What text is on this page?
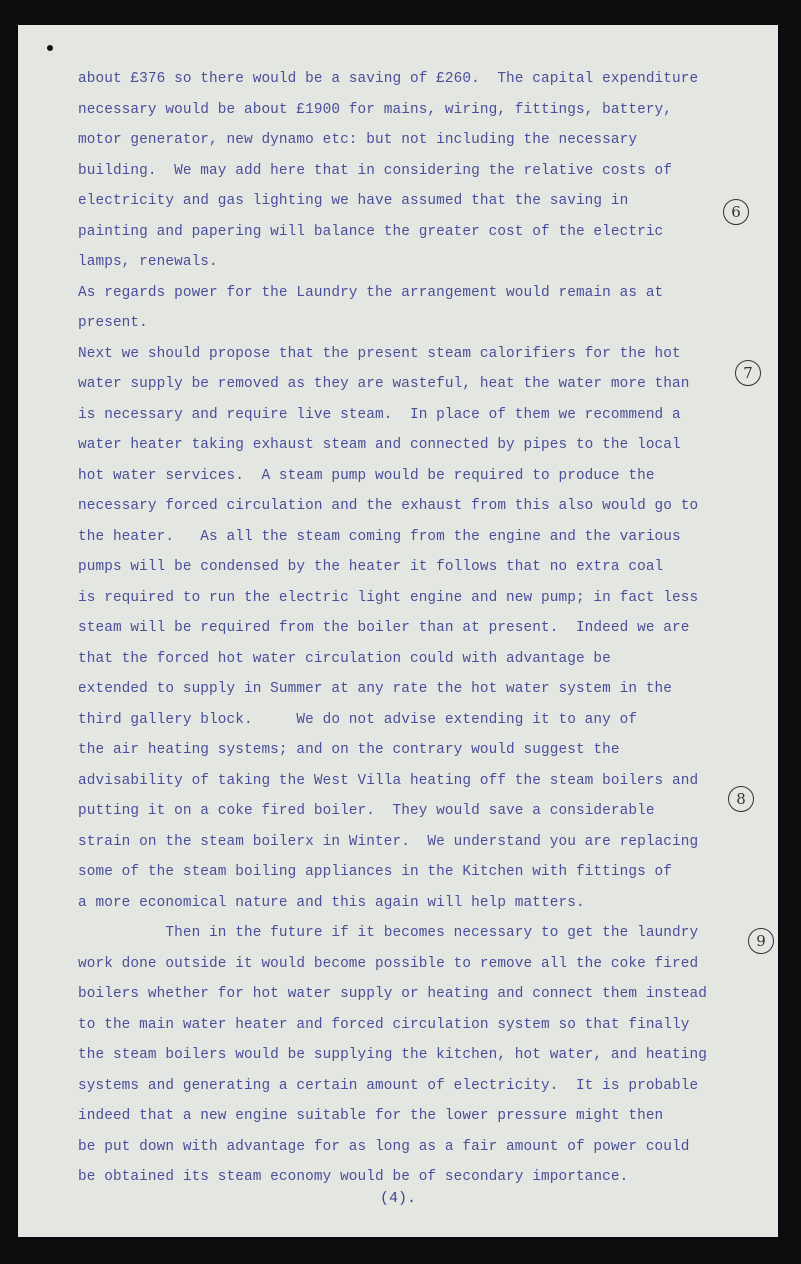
about £376 so there would be a saving of £260.  The capital expenditure
necessary would be about £1900 for mains, wiring, fittings, battery,
motor generator, new dynamo etc: but not including the necessary
building.  We may add here that in considering the relative costs of
electricity and gas lighting we have assumed that the saving in
painting and papering will balance the greater cost of the electric
lamps, renewals.
As regards power for the Laundry the arrangement would remain as at
present.
Next we should propose that the present steam calorifiers for the hot
water supply be removed as they are wasteful, heat the water more than
is necessary and require live steam.  In place of them we recommend a
water heater taking exhaust steam and connected by pipes to the local
hot water services.  A steam pump would be required to produce the
necessary forced circulation and the exhaust from this also would go to
the heater.   As all the steam coming from the engine and the various
pumps will be condensed by the heater it follows that no extra coal
is required to run the electric light engine and new pump; in fact less
steam will be required from the boiler than at present.  Indeed we are
that the forced hot water circulation could with advantage be
extended to supply in Summer at any rate the hot water system in the
third gallery block.     We do not advise extending it to any of
the air heating systems; and on the contrary would suggest the
advisability of taking the West Villa heating off the steam boilers and
putting it on a coke fired boiler.  They would save a considerable
strain on the steam boilerx in Winter.  We understand you are replacing
some of the steam boiling appliances in the Kitchen with fittings of
a more economical nature and this again will help matters.
Then in the future if it becomes necessary to get the laundry
work done outside it would become possible to remove all the coke fired
boilers whether for hot water supply or heating and connect them instead
to the main water heater and forced circulation system so that finally
the steam boilers would be supplying the kitchen, hot water, and heating
systems and generating a certain amount of electricity.  It is probable
indeed that a new engine suitable for the lower pressure might then
be put down with advantage for as long as a fair amount of power could
be obtained its steam economy would be of secondary importance.
(4).
6
7
8
9
